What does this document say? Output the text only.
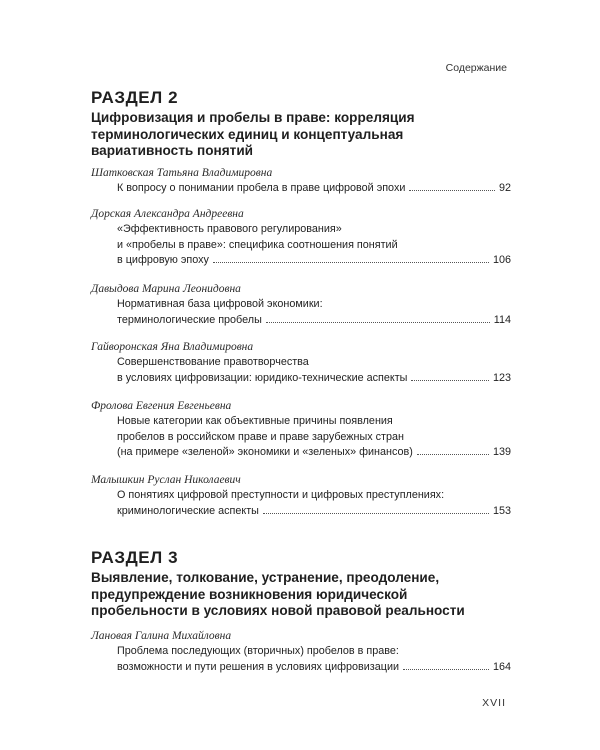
Содержание
РАЗДЕЛ 2
Цифровизация и пробелы в праве: корреляция
терминологических единиц и концептуальная
вариативность понятий
Шатковская Татьяна Владимировна
К вопросу о понимании пробела в праве цифровой эпохи	92
Дорская Александра Андреевна
«Эффективность правового регулирования»
и «пробелы в праве»: специфика соотношения понятий
в цифровую эпоху	106
Давыдова Марина Леонидовна
Нормативная база цифровой экономики:
терминологические пробелы	114
Гайворонская Яна Владимировна
Совершенствование правотворчества
в условиях цифровизации: юридико-технические аспекты	123
Фролова Евгения Евгеньевна
Новые категории как объективные причины появления
пробелов в российском праве и праве зарубежных стран
(на примере «зеленой» экономики и «зеленых» финансов)	139
Малышкин Руслан Николаевич
О понятиях цифровой преступности и цифровых преступлениях:
криминологические аспекты	153
РАЗДЕЛ 3
Выявление, толкование, устранение, преодоление,
предупреждение возникновения юридической
пробельности в условиях новой правовой реальности
Лановая Галина Михайловна
Проблема последующих (вторичных) пробелов в праве:
возможности и пути решения в условиях цифровизации	164
XVII
